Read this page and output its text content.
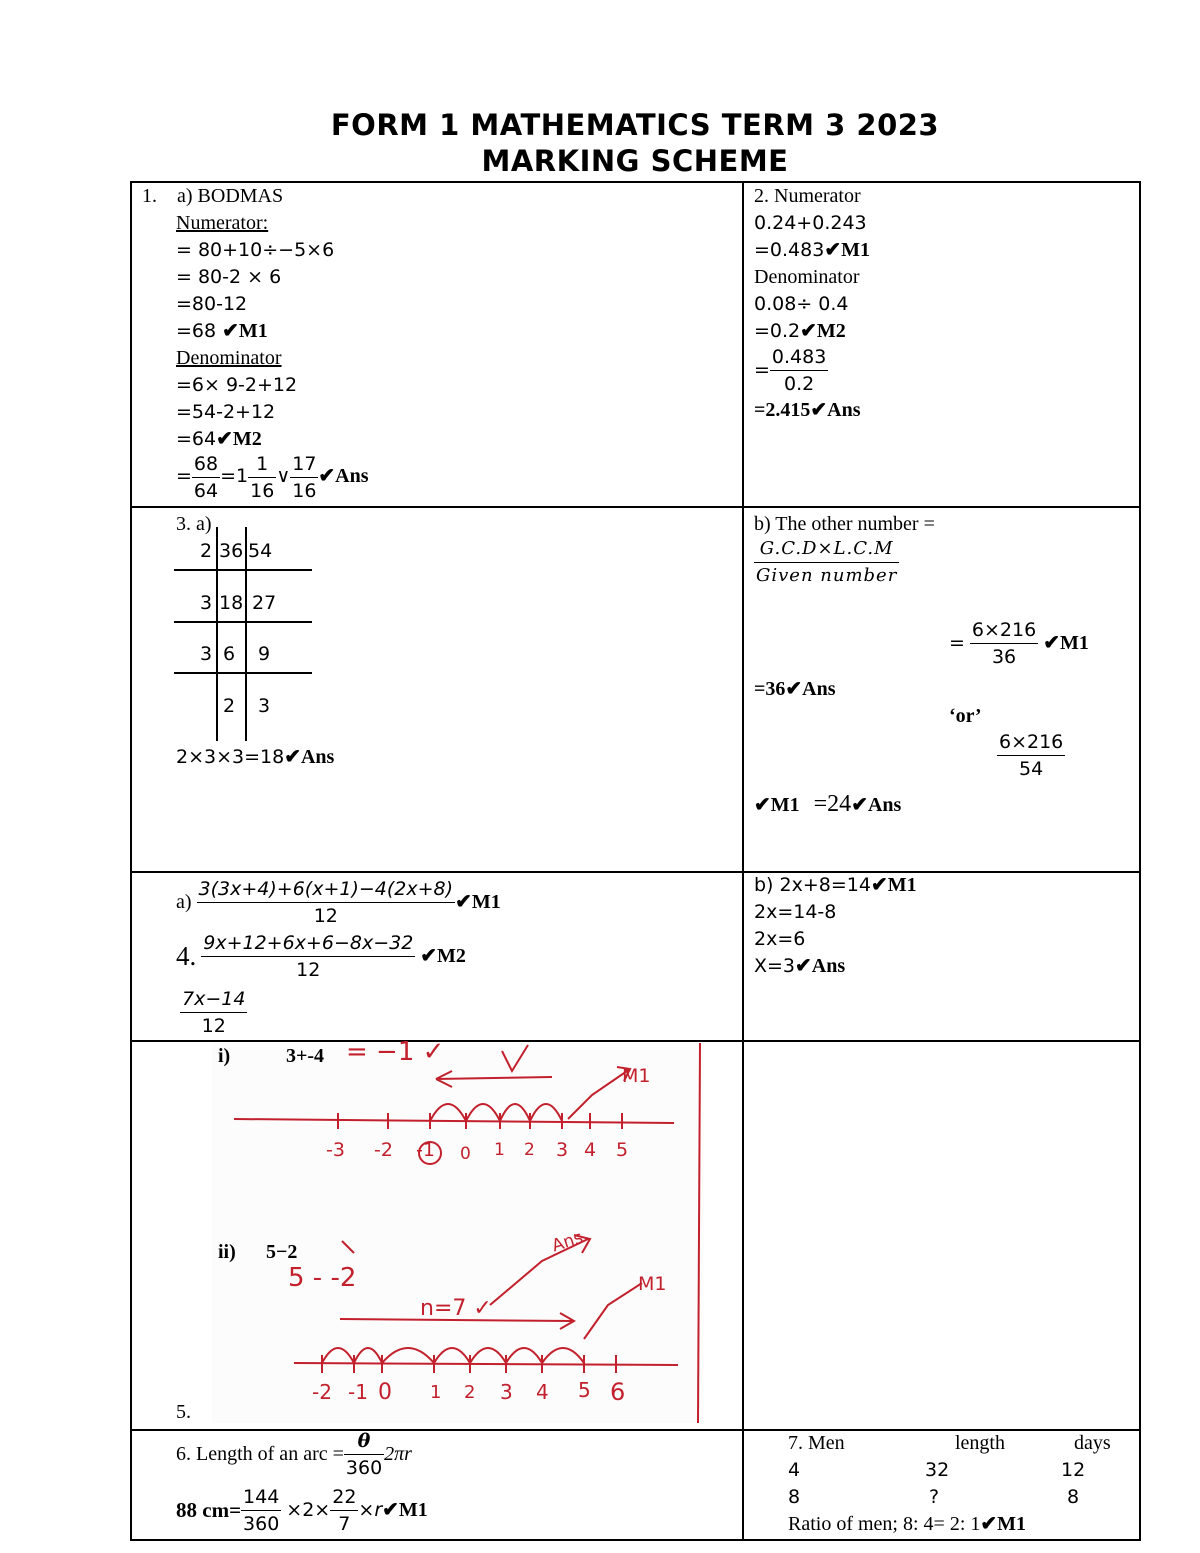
FORM 1 MATHEMATICS TERM 3 2023
MARKING SCHEME
1. a) BODMAS
Numerator:
= 80+10÷−5×6
= 80-2 × 6
=80-12
=68 ✔M1
Denominator
=6× 9-2+12
=54-2+12
=64✔M2
= $\frac{68}{64} =1 \frac{1}{16}$ ∨ $\frac{17}{16}$ ✔Ans
2. Numerator
0.24+0.243
=0.483✔M1
Denominator
0.08÷ 0.4
=0.2✔M2
= $\frac{0.483}{0.2}$
=2.415✔Ans
3. a)
2 36 54
3 18 27
3 6 9
2 3
2×3×3=18✔Ans
b) The other number =
$\frac{G.C.D\times L.C.M}{\text{Given number}}$
= $\frac{6\times 216}{36}$ ✔M1
=36✔Ans
‘or’
$\frac{6\times 216}{54}$
✔M1 =24✔Ans
$a) \frac{3(3x+4)+6(x+1)-4(2x+8)}{12}$ ✔M1
4. $\frac{9x+12+6x+6-8x-32}{12}$ ✔M2
$\frac{7x-14}{12}$
b) 2x+8=14✔M1
2x=14-8
2x=6
X=3✔Ans
5.
i)	3+-4 = −1 ✓
M1
-3 -2 -1 0 1 2 3 4 5
ii) 5−2
5 - -2
n=7 ✓
Ans
M1
-2 -1 0 1 2 3 4 5 6
6. Length of an arc = $\frac{\theta}{360} 2\pi r$
88 $cm= \frac{144}{360} \times 2\times \frac{22}{7}$ ×r✔M1
7. Men	length	days
4	32	12
8	?	8
Ratio of men; 8: 4= 2: 1✔M1
